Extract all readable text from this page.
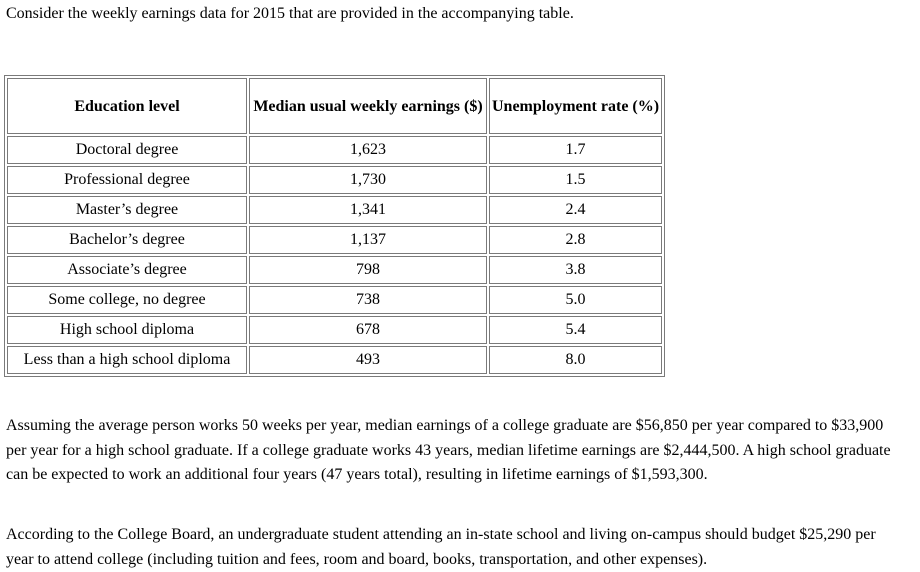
Consider the weekly earnings data for 2015 that are provided in the accompanying table.
Education level	Median usual weekly earnings ($)	Unemployment rate (%)
Doctoral degree	1,623	1.7
Professional degree	1,730	1.5
Master’s degree	1,341	2.4
Bachelor’s degree	1,137	2.8
Associate’s degree	798	3.8
Some college, no degree	738	5.0
High school diploma	678	5.4
Less than a high school diploma	493	8.0

Assuming the average person works 50 weeks per year, median earnings of a college graduate are $56,850 per year compared to $33,900 per year for a high school graduate. If a college graduate works 43 years, median lifetime earnings are $2,444,500. A high school graduate can be expected to work an additional four years (47 years total), resulting in lifetime earnings of $1,593,300.

According to the College Board, an undergraduate student attending an in-state school and living on-campus should budget $25,290 per year to attend college (including tuition and fees, room and board, books, transportation, and other expenses).
